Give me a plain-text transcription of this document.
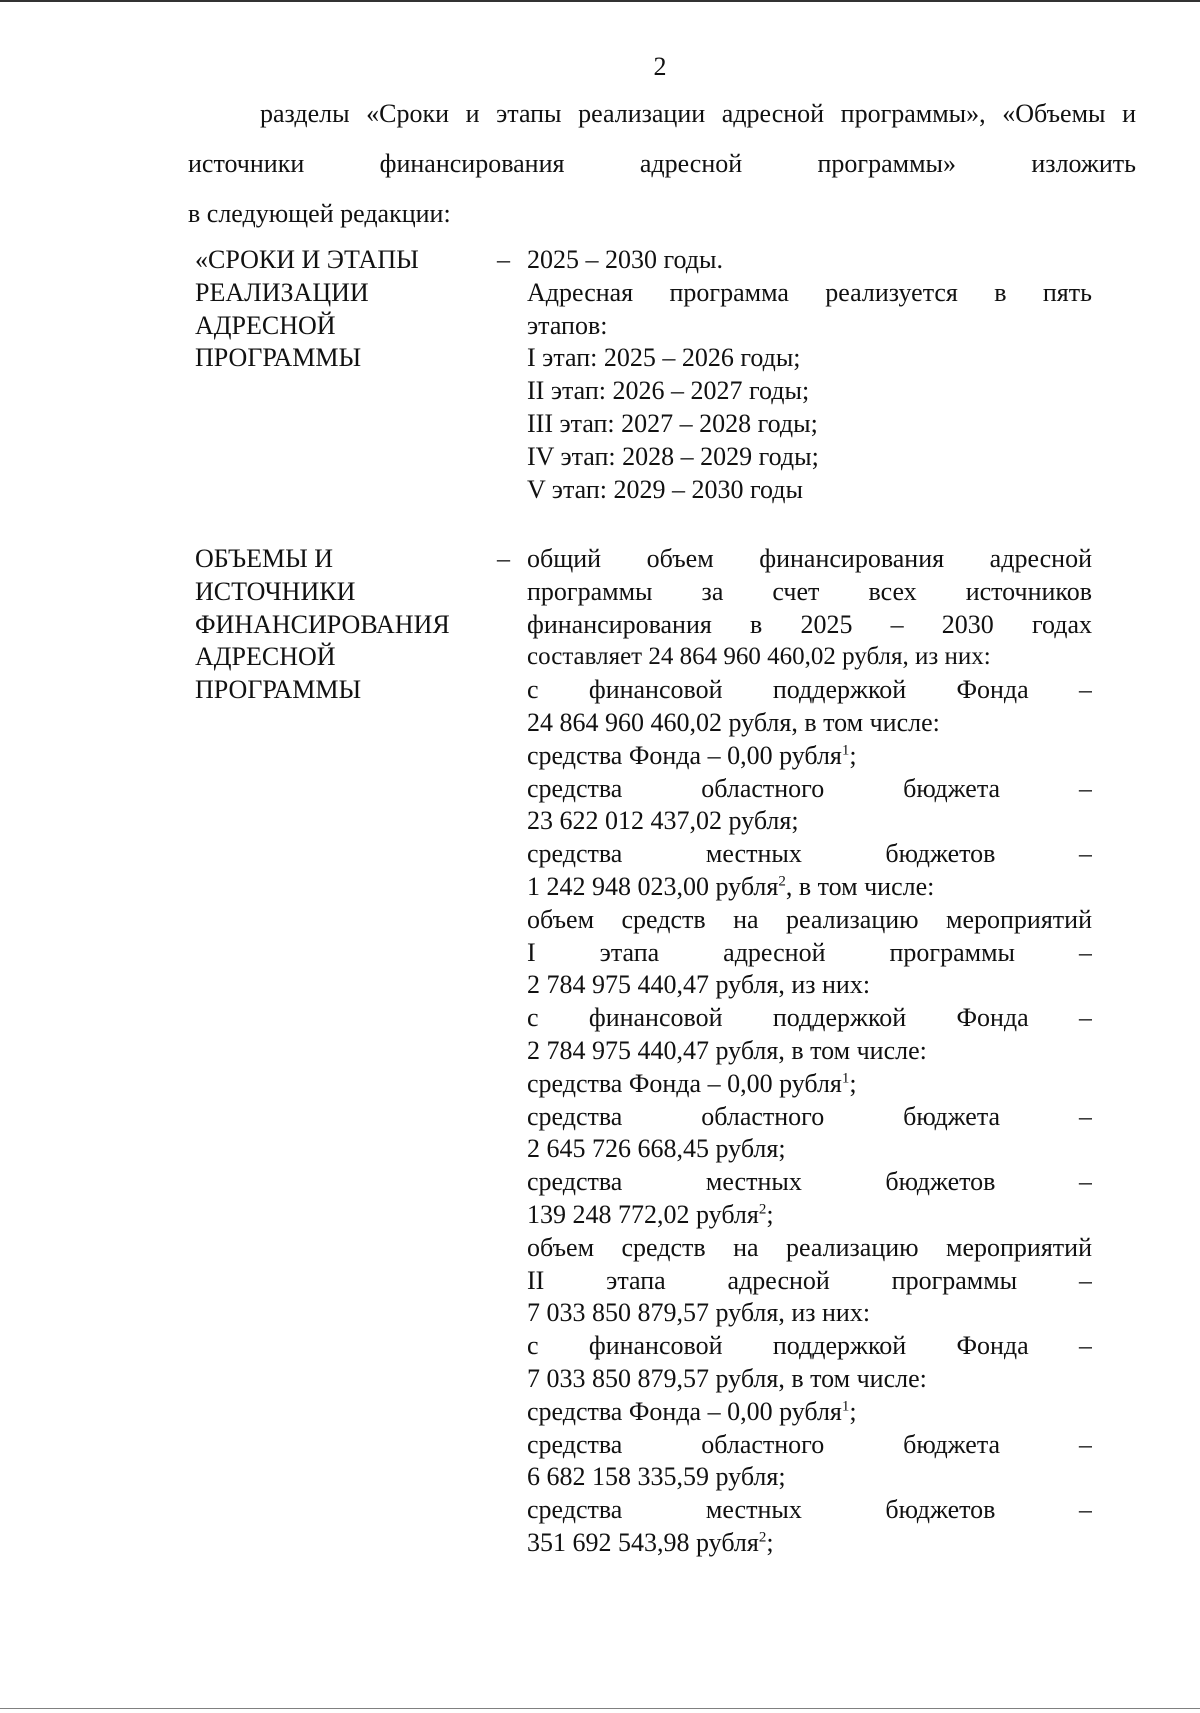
2
разделы «Сроки и этапы реализации адресной программы», «Объемы и
источники финансирования адресной программы» изложить
в следующей редакции:
«СРОКИ И ЭТАПЫ
РЕАЛИЗАЦИИ
АДРЕСНОЙ
ПРОГРАММЫ
– 2025 – 2030 годы.
Адресная программа реализуется в пять
этапов:
I этап: 2025 – 2026 годы;
II этап: 2026 – 2027 годы;
III этап: 2027 – 2028 годы;
IV этап: 2028 – 2029 годы;
V этап: 2029 – 2030 годы
ОБЪЕМЫ И
ИСТОЧНИКИ
ФИНАНСИРОВАНИЯ
АДРЕСНОЙ
ПРОГРАММЫ
– общий объем финансирования адресной
программы за счет всех источников
финансирования в 2025 – 2030 годах
составляет 24 864 960 460,02 рубля, из них:
с финансовой поддержкой Фонда –
24 864 960 460,02 рубля, в том числе:
средства Фонда – 0,00 рубля$^1$;
средства областного бюджета –
23 622 012 437,02 рубля;
средства местных бюджетов –
1 242 948 023,00 рубля$^2$, в том числе:
объем средств на реализацию мероприятий
I этапа адресной программы –
2 784 975 440,47 рубля, из них:
с финансовой поддержкой Фонда –
2 784 975 440,47 рубля, в том числе:
средства Фонда – 0,00 рубля$^1$;
средства областного бюджета –
2 645 726 668,45 рубля;
средства местных бюджетов –
139 248 772,02 рубля$^2$;
объем средств на реализацию мероприятий
II этапа адресной программы –
7 033 850 879,57 рубля, из них:
с финансовой поддержкой Фонда –
7 033 850 879,57 рубля, в том числе:
средства Фонда – 0,00 рубля$^1$;
средства областного бюджета –
6 682 158 335,59 рубля;
средства местных бюджетов –
351 692 543,98 рубля$^2$;
